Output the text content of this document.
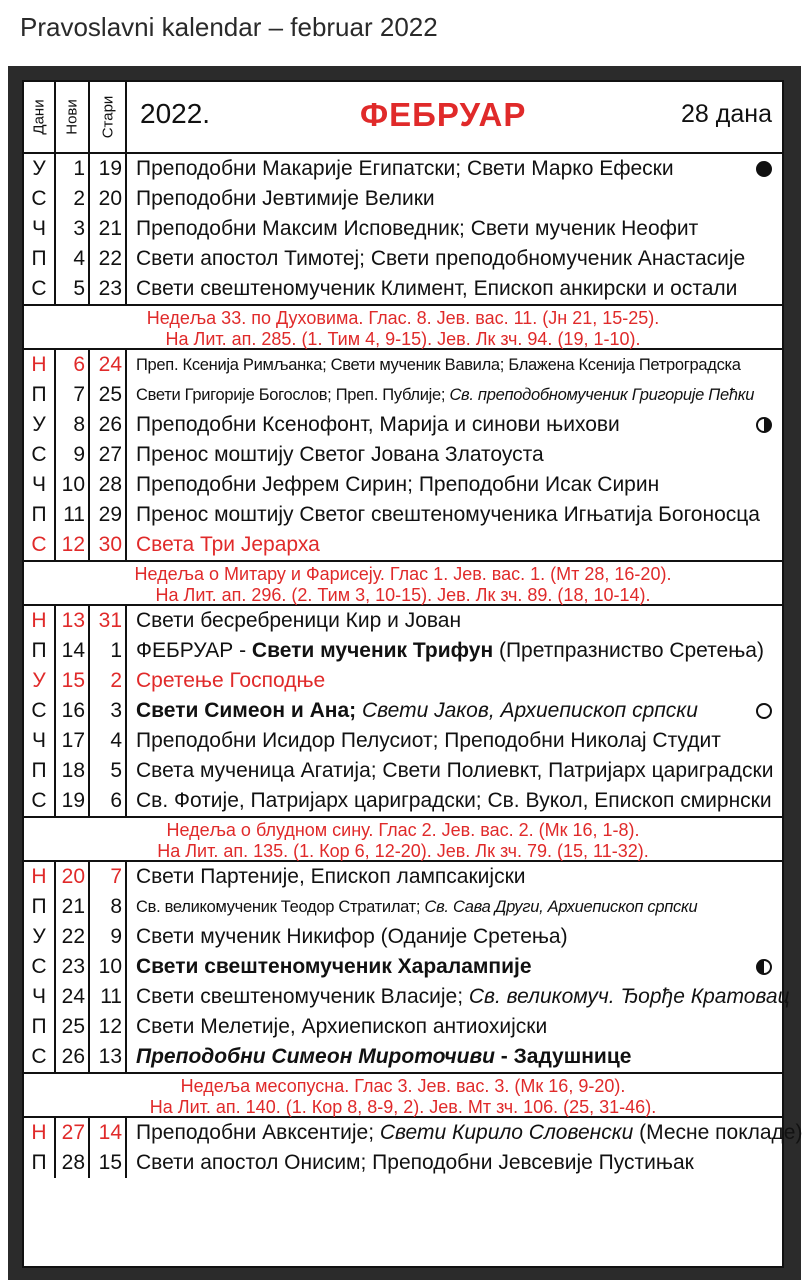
Pravoslavni kalendar – februar 2022
Дани Нови Стари 2022.	ФЕБРУАР	28 дана
У	1 19 Преподобни Макарије Египатски; Свети Марко Ефески
С	2 20 Преподобни Јевтимије Велики
Ч	3 21 Преподобни Максим Исповедник; Свети мученик Неофит
П	4 22 Свети апостол Тимотеј; Свети преподобномученик Анастасије
С	5 23 Свети свештеномученик Климент, Епископ анкирски и остали
Недеља 33. по Духовима. Глас. 8. Јев. вас. 11. (Јн 21, 15-25).
На Лит. ап. 285. (1. Тим 4, 9-15). Јев. Лк зч. 94. (19, 1-10).
Н	6 24 Преп. Ксенија Римљанка; Свети мученик Вавила; Блажена Ксенија Петроградска
П	7 25 Свети Григорије Богослов; Преп. Публије; Св. преподобномученик Григорије Пећки
У	8 26 Преподобни Ксенофонт, Марија и синови њихови
С	9 27 Пренос моштију Светог Јована Златоуста
Ч 10 28 Преподобни Јефрем Сирин; Преподобни Исак Сирин
П 11 29 Пренос моштију Светог свештеномученика Игњатија Богоносца
С 12 30 Света Три Јерарха
Недеља о Митару и Фарисеју. Глас 1. Јев. вас. 1. (Мт 28, 16-20).
На Лит. ап. 296. (2. Тим 3, 10-15). Јев. Лк зч. 89. (18, 10-14).
Н 13 31 Свети бесребреници Кир и Јован
П 14	1 ФЕБРУАР - Свети мученик Трифун (Претпразниство Сретења)
У 15	2 Сретење Господње
С 16	3 Свети Симеон и Ана; Свети Јаков, Архиепископ српски
Ч 17	4 Преподобни Исидор Пелусиот; Преподобни Николај Студит
П 18	5 Света мученица Агатија; Свети Полиевкт, Патријарх цариградски
С 19	6 Св. Фотије, Патријарх цариградски; Св. Вукол, Епископ смирнски
Недеља о блудном сину. Глас 2. Јев. вас. 2. (Мк 16, 1-8).
На Лит. ап. 135. (1. Кор 6, 12-20). Јев. Лк зч. 79. (15, 11-32).
Н 20	7 Свети Партеније, Епископ лампсакијски
П 21	8 Св. великомученик Теодор Стратилат; Св. Сава Други, Архиепископ српски
У 22	9 Свети мученик Никифор (Оданије Сретења)
С 23 10 Свети свештеномученик Харалампије
Ч 24 11 Свети свештеномученик Власије; Св. великомуч. Ђорђе Кратовац
П 25 12 Свети Мелетије, Архиепископ антиохијски
С 26 13 Преподобни Симеон Мироточиви - Задушнице
Недеља месопусна. Глас 3. Јев. вас. 3. (Мк 16, 9-20).
На Лит. ап. 140. (1. Кор 8, 8-9, 2). Јев. Мт зч. 106. (25, 31-46).
Н 27 14 Преподобни Авксентије; Свети Кирило Словенски (Месне покладе)
П 28 15 Свети апостол Онисим; Преподобни Јевсевије Пустињак
